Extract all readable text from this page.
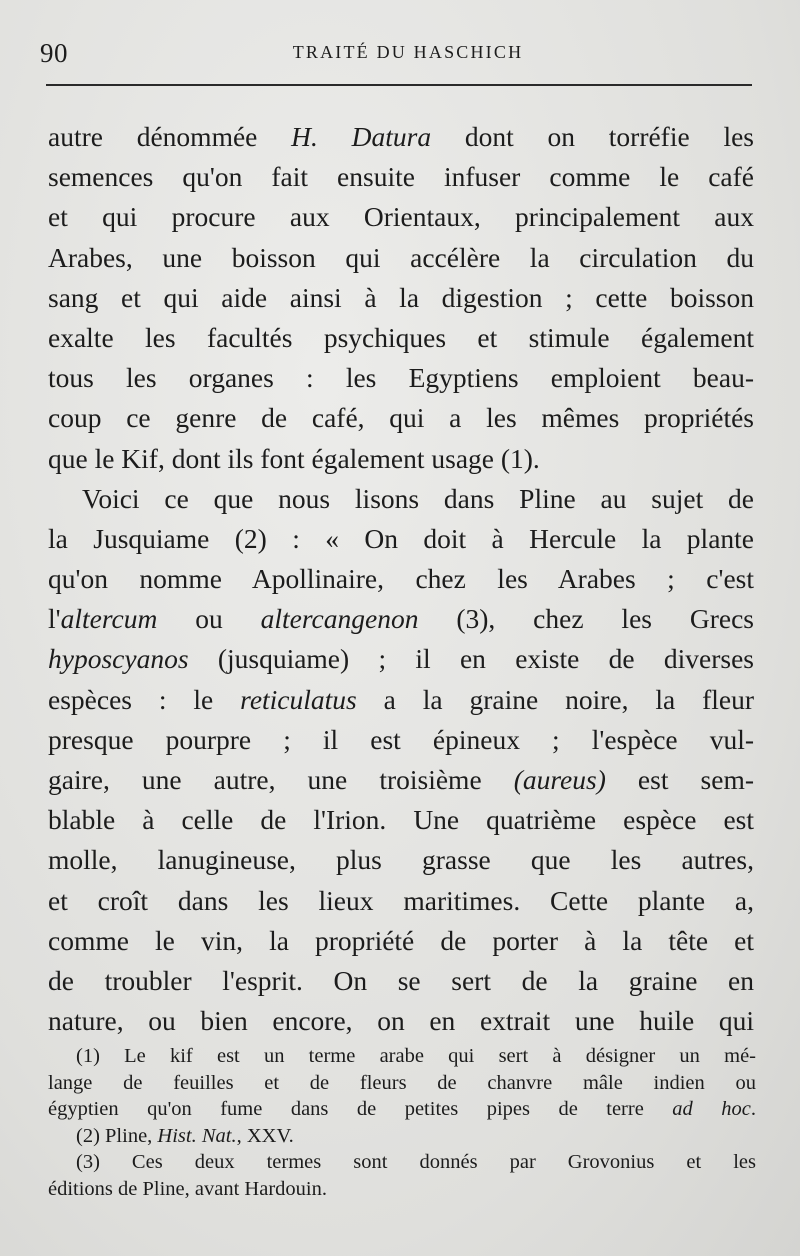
90	TRAITÉ DU HASCHICH
autre dénommée H. Datura dont on torréfie les
semences qu'on fait ensuite infuser comme le café
et qui procure aux Orientaux, principalement aux
Arabes, une boisson qui accélère la circulation du
sang et qui aide ainsi à la digestion ; cette boisson
exalte les facultés psychiques et stimule également
tous les organes : les Egyptiens emploient beau-
coup ce genre de café, qui a les mêmes propriétés
que le Kif, dont ils font également usage (1).
Voici ce que nous lisons dans Pline au sujet de
la Jusquiame (2) : « On doit à Hercule la plante
qu'on nomme Apollinaire, chez les Arabes ; c'est
l'altercum ou altercangenon (3), chez les Grecs
hyposcyanos (jusquiame) ; il en existe de diverses
espèces : le reticulatus a la graine noire, la fleur
presque pourpre ; il est épineux ; l'espèce vul-
gaire, une autre, une troisième (aureus) est sem-
blable à celle de l'Irion. Une quatrième espèce est
molle, lanugineuse, plus grasse que les autres,
et croît dans les lieux maritimes. Cette plante a,
comme le vin, la propriété de porter à la tête et
de troubler l'esprit. On se sert de la graine en
nature, ou bien encore, on en extrait une huile qui
(1) Le kif est un terme arabe qui sert à désigner un mé-
lange de feuilles et de fleurs de chanvre mâle indien ou
égyptien qu'on fume dans de petites pipes de terre ad hoc.
(2) Pline, Hist. Nat., XXV.
(3) Ces deux termes sont donnés par Grovonius et les
éditions de Pline, avant Hardouin.
